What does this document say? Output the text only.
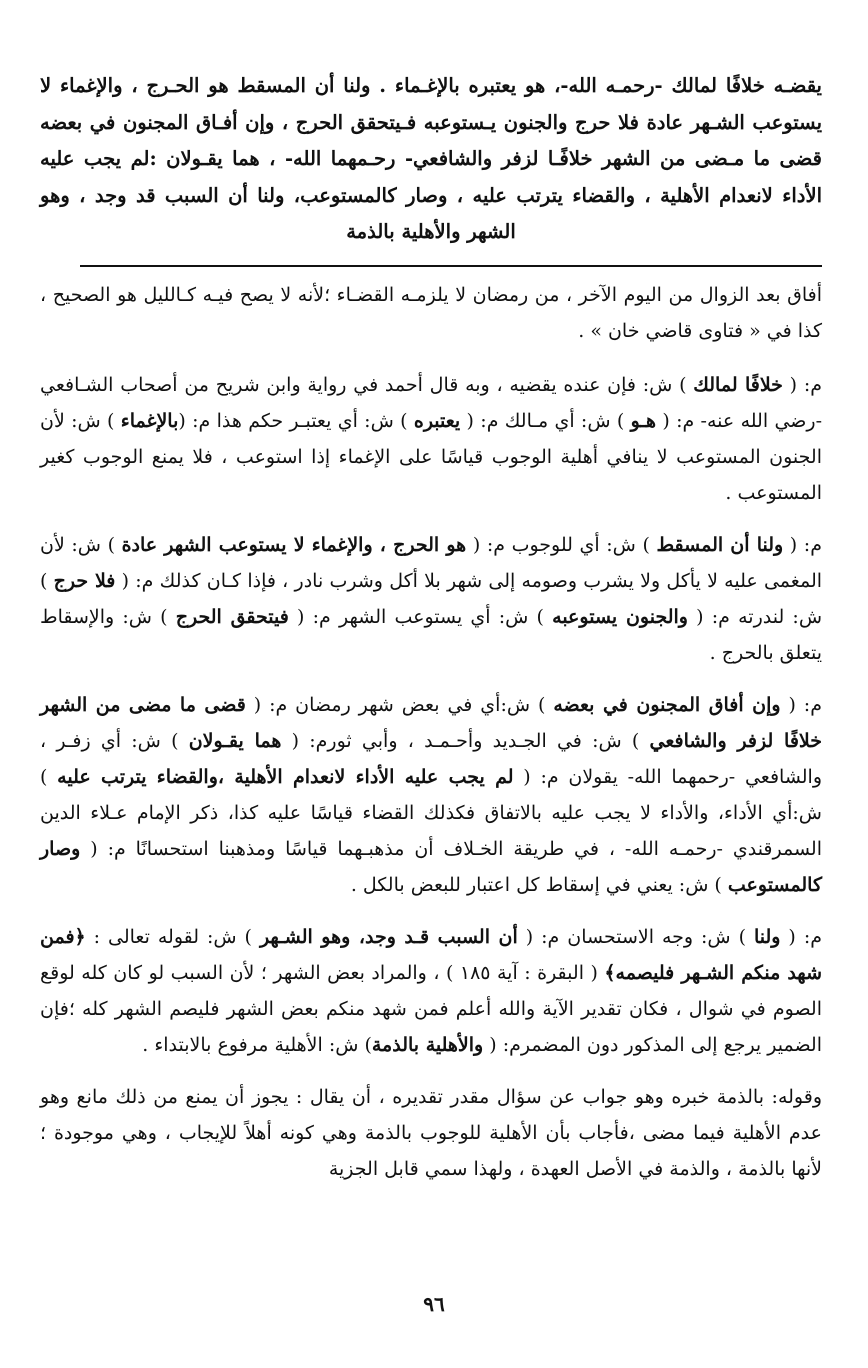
يقضـه خلافًا لمالك -رحمـه الله-، هو يعتبره بالإغـماء . ولنا أن المسقط هو الحـرج ، والإغماء لا يستوعب الشـهر عادة فلا حرج والجنون يـستوعبه فـيتحقق الحرج ، وإن أفـاق المجنون في بعضه قضى ما مـضى من الشهر خلافًـا لزفر والشافعي- رحـمهما الله- ، هما يقـولان :لم يجب عليه الأداء لانعدام الأهلية ، والقضاء يترتب عليه ، وصار كالمستوعب، ولنا أن السبب قد وجد ، وهو الشهر والأهلية بالذمة

أفاق بعد الزوال من اليوم الآخر ، من رمضان لا يلزمـه القضـاء ؛لأنه لا يصح فيـه كـالليل هو الصحيح ، كذا في « فتاوى قاضي خان » .

م: ( خلافًا لمالك ) ش: فإن عنده يقضيه ، وبه قال أحمد في رواية وابن شريح من أصحاب الشـافعي -رضي الله عنه- م: ( هـو ) ش: أي مـالك م: ( يعتبره ) ش: أي يعتبـر حكم هذا م: (بالإغماء ) ش: لأن الجنون المستوعب لا ينافي أهلية الوجوب قياسًا على الإغماء إذا استوعب ، فلا يمنع الوجوب كغير المستوعب .

م: ( ولنا أن المسقط ) ش: أي للوجوب م: ( هو الحرج ، والإغماء لا يستوعب الشهر عادة ) ش: لأن المغمى عليه لا يأكل ولا يشرب وصومه إلى شهر بلا أكل وشرب نادر ، فإذا كـان كذلك م: ( فلا حرج ) ش: لندرته م: ( والجنون يستوعبه ) ش: أي يستوعب الشهر م: ( فيتحقق الحرج ) ش: والإسقاط يتعلق بالحرج .

م: ( وإن أفاق المجنون في بعضه ) ش:أي في بعض شهر رمضان م: ( قضى ما مضى من الشهر خلافًا لزفر والشافعي ) ش: في الجـديد وأحـمـد ، وأبي ثورم: ( هما يقـولان ) ش: أي زفـر ، والشافعي -رحمهما الله- يقولان م: ( لم يجب عليه الأداء لانعدام الأهلية ،والقضاء يترتب عليه ) ش:أي الأداء، والأداء لا يجب عليه بالاتفاق فكذلك القضاء قياسًا عليه كذا، ذكر الإمام عـلاء الدين السمرقندي -رحمـه الله- ، في طريقة الخـلاف أن مذهبـهما قياسًا ومذهبنا استحسانًا م: ( وصار كالمستوعب ) ش: يعني في إسقاط كل اعتبار للبعض بالكل .

م: ( ولنا ) ش: وجه الاستحسان م: ( أن السبب قـد وجد، وهو الشـهر ) ش: لقوله تعالى : ﴿فمن شهد منكم الشـهر فليصمه﴾ ( البقرة : آية ١٨٥ ) ، والمراد بعض الشهر ؛ لأن السبب لو كان كله لوقع الصوم في شوال ، فكان تقدير الآية والله أعلم فمن شهد منكم بعض الشهر فليصم الشهر كله ؛فإن الضمير يرجع إلى المذكور دون المضمرم: ( والأهلية بالذمة) ش: الأهلية مرفوع بالابتداء .

وقوله: بالذمة خبره وهو جواب عن سؤال مقدر تقديره ، أن يقال : يجوز أن يمنع من ذلك مانع وهو عدم الأهلية فيما مضى ،فأجاب بأن الأهلية للوجوب بالذمة وهي كونه أهلاً للإيجاب ، وهي موجودة ؛ لأنها بالذمة ، والذمة في الأصل العهدة ، ولهذا سمي قابل الجزية

٩٦
